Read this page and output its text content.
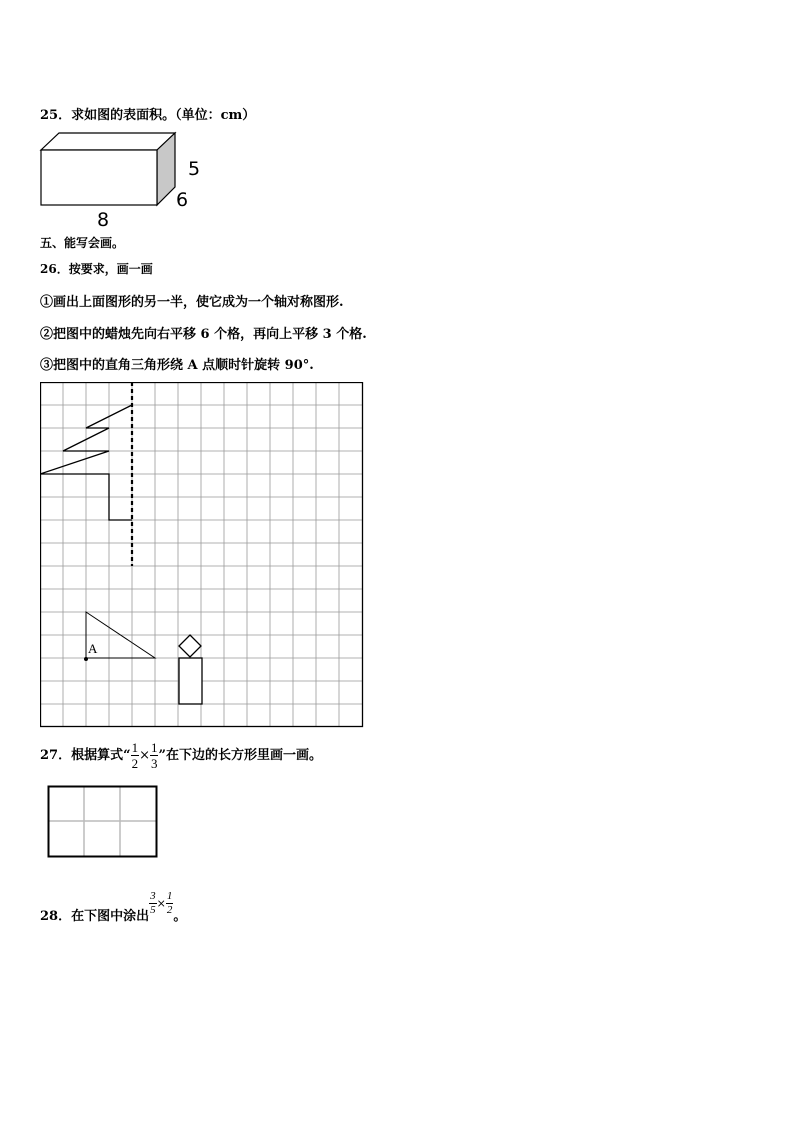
25．求如图的表面积。（单位：cm）
5
6
8
五、能写会画。
26．按要求，画一画
①画出上面图形的另一半，使它成为一个轴对称图形.
②把图中的蜡烛先向右平移 6 个格，再向上平移 3 个格.
③把图中的直角三角形绕 A 点顺时针旋转 90°.
A
27．根据算式“ $\frac{1}{2} \times \frac{1}{3}$ ”在下边的长方形里画一画。
28．在下图中涂出
$\frac{3}{5} ^\times \frac{1}{2}$
。
